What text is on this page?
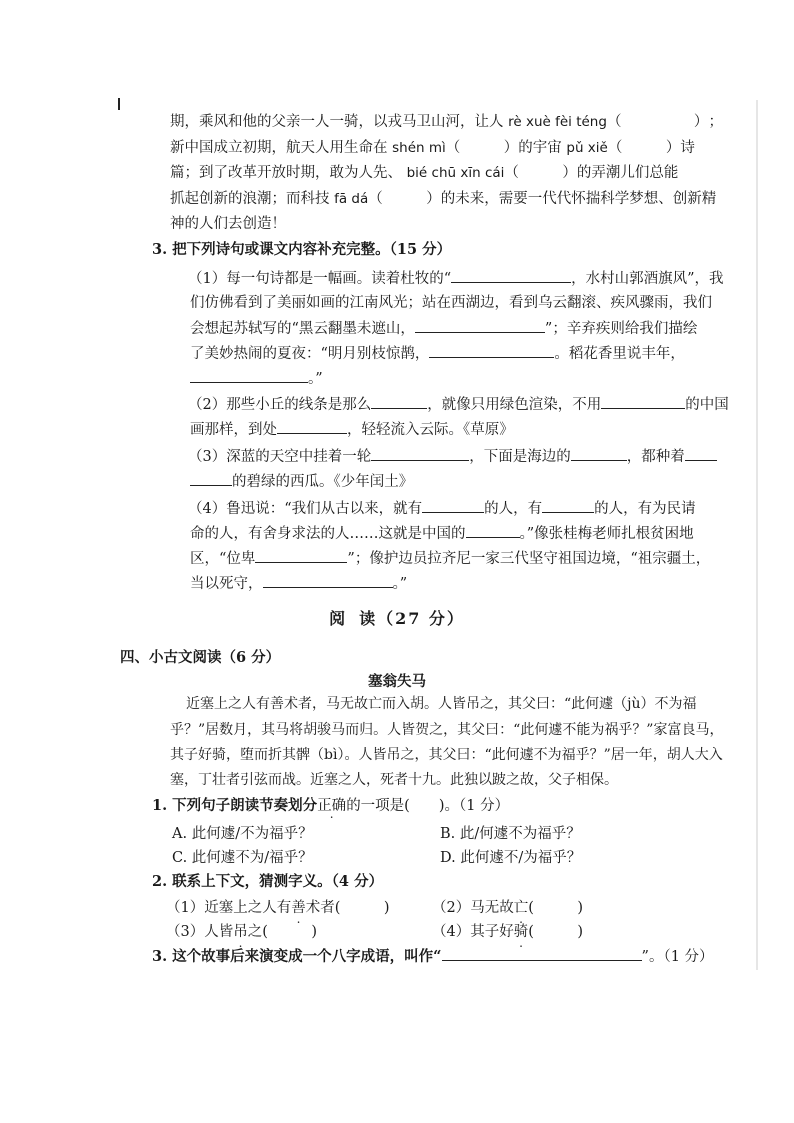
期，乘风和他的父亲一人一骑，以戎马卫山河，让人 rè xuè fèi téng（     ）；
新中国成立初期，航天人用生命在 shén mì（   ）的宇宙 pǔ xiě（   ）诗
篇；到了改革开放时期，敢为人先、 bié chū xīn cái（   ）的弄潮儿们总能
抓起创新的浪潮；而科技 fā dá（   ）的未来，需要一代代怀揣科学梦想、创新精
神的人们去创造！
3. 把下列诗句或课文内容补充完整。（15 分）
（1）每一句诗都是一幅画。读着杜牧的“	，水村山郭酒旗风”，我
们仿佛看到了美丽如画的江南风光；站在西湖边，看到乌云翻滚、疾风骤雨，我们
会想起苏轼写的“黑云翻墨未遮山，	”；辛弃疾则给我们描绘
了美妙热闹的夏夜：“明月别枝惊鹊，	。稻花香里说丰年，
。”
（2）那些小丘的线条是那么	，就像只用绿色渲染，不用	的中国
画那样，到处	，轻轻流入云际。《草原》
（3）深蓝的天空中挂着一轮	，下面是海边的	，都种着
的碧绿的西瓜。《少年闰土》
（4）鲁迅说：“我们从古以来，就有	的人，有	的人，有为民请
命的人，有舍身求法的人……这就是中国的	。”像张桂梅老师扎根贫困地
区，“位卑	”；像护边员拉齐尼一家三代坚守祖国边境，“祖宗疆土，
当以死守，	。”
阅读（27 分）
四、小古文阅读（6 分）
塞翁失马
近塞上之人有善术者，马无故亡而入胡。人皆吊之，其父曰：“此何遽（jù）不为福
乎？”居数月，其马将胡骏马而归。人皆贺之，其父曰：“此何遽不能为祸乎？”家富良马，
其子好骑，堕而折其髀（bì）。人皆吊之，其父曰：“此何遽不为福乎？”居一年，胡人大入
塞，丁壮者引弦而战。近塞之人，死者十九。此独以跛之故，父子相保。
1. 下列句子朗读节奏划分正确的一项是(   )。（1 分）
A. 此何遽/不为福乎？	B. 此/何遽不为福乎？
C. 此何遽不为/福乎？	D. 此何遽不/为福乎？
2. 联系上下文，猜测字义。（4 分）
（1）近塞上之人有善术者(   	)	（2）马无故亡(   	)
（3）人皆吊之(   	)	（4）其子好骑(   	)
3. 这个故事后来演变成一个八字成语，叫作“	”。（1 分）
